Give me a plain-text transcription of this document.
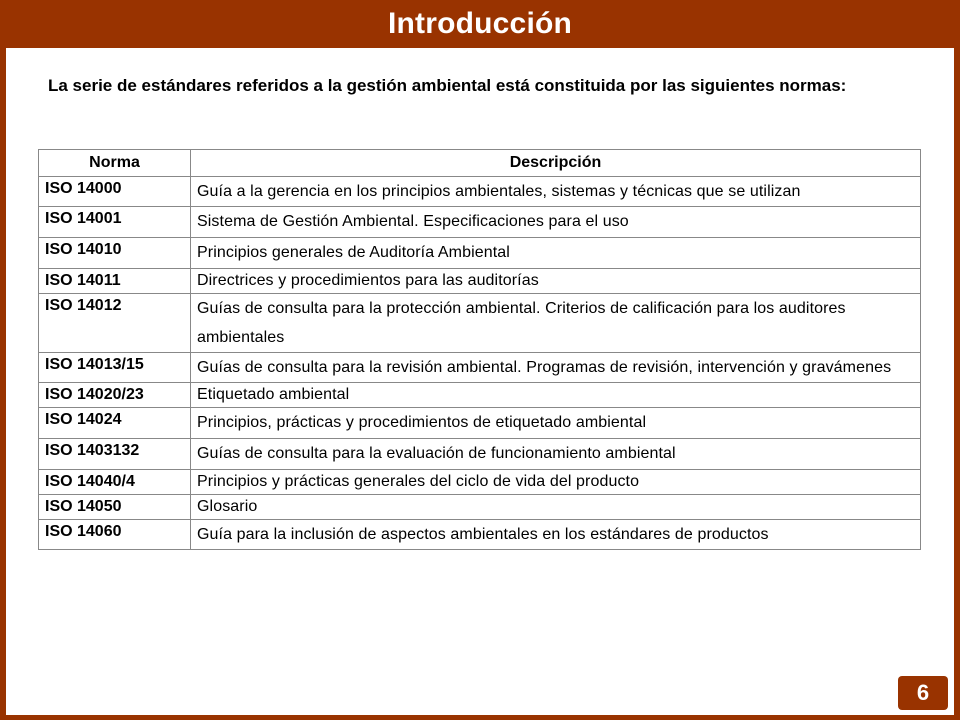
Introducción
La serie de estándares referidos a la gestión ambiental está constituida por las siguientes normas:
Norma	Descripción
ISO 14000	Guía a la gerencia en los principios ambientales, sistemas y técnicas que se utilizan
ISO 14001	Sistema de Gestión Ambiental. Especificaciones para el uso
ISO 14010	Principios generales de Auditoría Ambiental
ISO 14011	Directrices y procedimientos para las auditorías
ISO 14012	Guías de consulta para la protección ambiental. Criterios de calificación para los auditores ambientales
ISO 14013/15	Guías de consulta para la revisión ambiental. Programas de revisión, intervención y gravámenes
ISO 14020/23	Etiquetado ambiental
ISO 14024	Principios, prácticas y procedimientos de etiquetado ambiental
ISO 1403132	Guías de consulta para la evaluación de funcionamiento ambiental
ISO 14040/4	Principios y prácticas generales del ciclo de vida del producto
ISO 14050	Glosario
ISO 14060	Guía para la inclusión de aspectos ambientales en los estándares de productos
6
